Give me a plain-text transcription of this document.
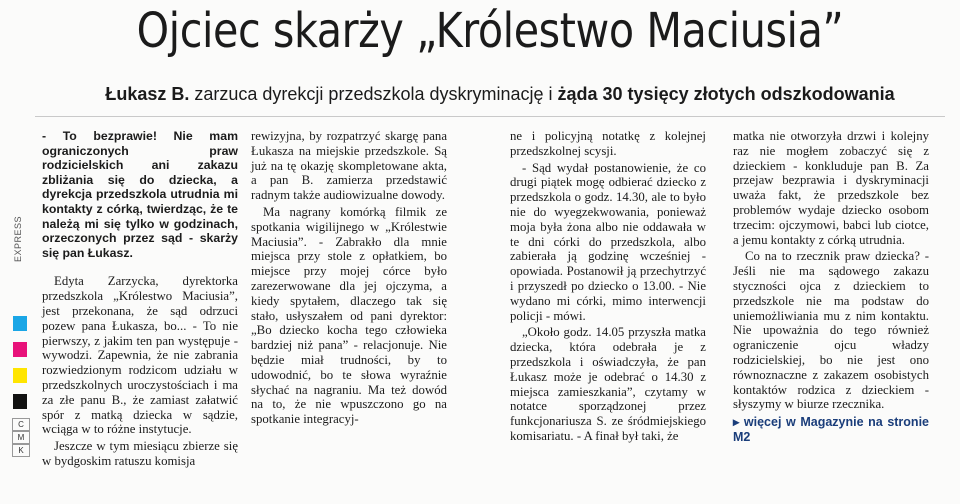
Ojciec skarży „Królestwo Maciusia”
Łukasz B. zarzuca dyrekcji przedszkola dyskryminację i żąda 30 tysięcy złotych odszkodowania
EXPRESS
C
M
K

- To bezprawie! Nie mam ograniczonych praw rodzicielskich ani zakazu zbliżania się do dziecka, a dyrekcja przedszkola utrudnia mi kontakty z córką, twierdząc, że te należą mi się tylko w godzinach, orzeczonych przez sąd - skarży się pan Łukasz.

Edyta Zarzycka, dyrektorka przedszkola „Królestwo Maciusia”, jest przekonana, że sąd odrzuci pozew pana Łukasza, bo... - To nie pierwszy, z jakim ten pan występuje - wywodzi. Zapewnia, że nie zabrania rozwiedzionym rodzicom udziału w przedszkolnych uroczystościach i ma za złe panu B., że zamiast załatwić spór z matką dziecka w sądzie, wciąga w to różne instytucje.

Jeszcze w tym miesiącu zbierze się w bydgoskim ratuszu komisja

rewizyjna, by rozpatrzyć skargę pana Łukasza na miejskie przedszkole. Są już na tę okazję skompletowane akta, a pan B. zamierza przedstawić radnym także audiowizualne dowody.

Ma nagrany komórką filmik ze spotkania wigilijnego w „Królestwie Maciusia”. - Zabrakło dla mnie miejsca przy stole z opłatkiem, bo miejsce przy mojej córce było zarezerwowane dla jej ojczyma, a kiedy spytałem, dlaczego tak się stało, usłyszałem od pani dyrektor: „Bo dziecko kocha tego człowieka bardziej niż pana” - relacjonuje. Nie będzie miał trudności, by to udowodnić, bo te słowa wyraźnie słychać na nagraniu. Ma też dowód na to, że nie wpuszczono go na spotkanie integracyj-

ne i policyjną notatkę z kolejnej przedszkolnej scysji.

- Sąd wydał postanowienie, że co drugi piątek mogę odbierać dziecko z przedszkola o godz. 14.30, ale to było nie do wyegzekwowania, ponieważ moja była żona albo nie oddawała w te dni córki do przedszkola, albo zabierała ją godzinę wcześniej - opowiada. Postanowił ją przechytrzyć i przyszedł po dziecko o 13.00. - Nie wydano mi córki, mimo interwencji policji - mówi.

„Około godz. 14.05 przyszła matka dziecka, która odebrała je z przedszkola i oświadczyła, że pan Łukasz może je odebrać o 14.30 z miejsca zamieszkania”, czytamy w notatce sporządzonej przez funkcjonariusza S. ze śródmiejskiego komisariatu. - A finał był taki, że

matka nie otworzyła drzwi i kolejny raz nie mogłem zobaczyć się z dzieckiem - konkluduje pan B. Za przejaw bezprawia i dyskryminacji uważa fakt, że przedszkole bez problemów wydaje dziecko osobom trzecim: ojczymowi, babci lub ciotce, a jemu kontakty z córką utrudnia.

Co na to rzecznik praw dziecka? - Jeśli nie ma sądowego zakazu styczności ojca z dzieckiem to przedszkole nie ma podstaw do uniemożliwiania mu z nim kontaktu. Nie upoważnia do tego również ograniczenie ojcu władzy rodzicielskiej, bo nie jest ono równoznaczne z zakazem osobistych kontaktów rodzica z dzieckiem - słyszymy w biurze rzecznika.

▸ więcej w Magazynie na stronie M2
